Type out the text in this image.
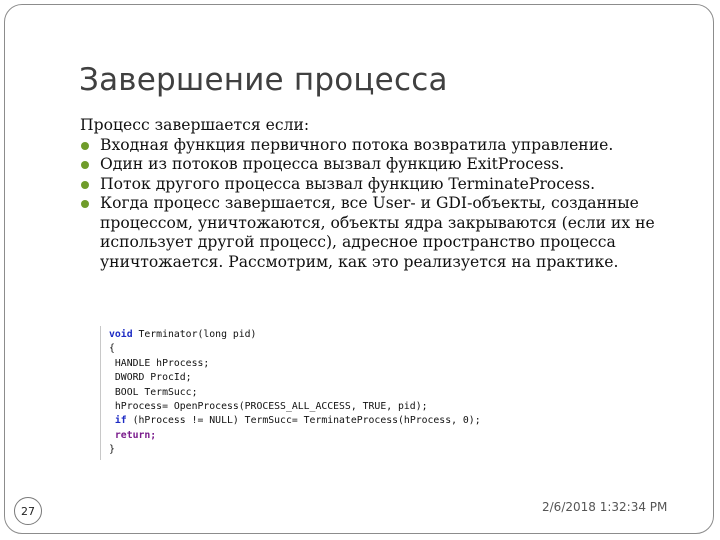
Завершение процесса

Процесс завершается если:

Входная функция первичного потока возвратила управление.
Один из потоков процесса вызвал функцию ExitProcess.
Поток другого процесса вызвал функцию TerminateProcess.
Когда процесс завершается, все User- и GDI-объекты, созданные процессом, уничтожаются, объекты ядра закрываются (если их не использует другой процесс), адресное пространство процесса уничтожается. Рассмотрим, как это реализуется на практике.
void Terminator(long pid)
{
HANDLE hProcess;
DWORD ProcId;
BOOL TermSucc;
hProcess= OpenProcess(PROCESS_ALL_ACCESS, TRUE, pid);
if (hProcess != NULL) TermSucc= TerminateProcess(hProcess, 0);
return;
}
27	2/6/2018 1:32:34 PM
